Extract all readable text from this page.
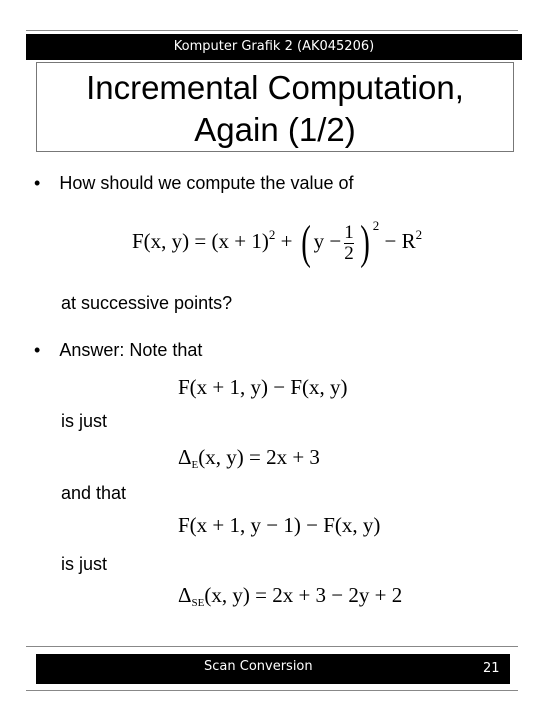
Komputer Grafik 2 (AK045206)
Incremental Computation,
Again (1/2)
• How should we compute the value of
F(x, $y) = (x + 1)^2$ + ( $y - \frac{1}{2}$ ) $^2 - R^2$
at successive points?
• Answer: Note that
F(x + 1, y) − F(x, y)
is just
$\Delta_E(x$, y) = 2x + 3
and that
F(x + 1, y − 1) − F(x, y)
is just
$\Delta_{SE}(x$, y) = 2x + 3 − 2y + 2
Scan Conversion	21
